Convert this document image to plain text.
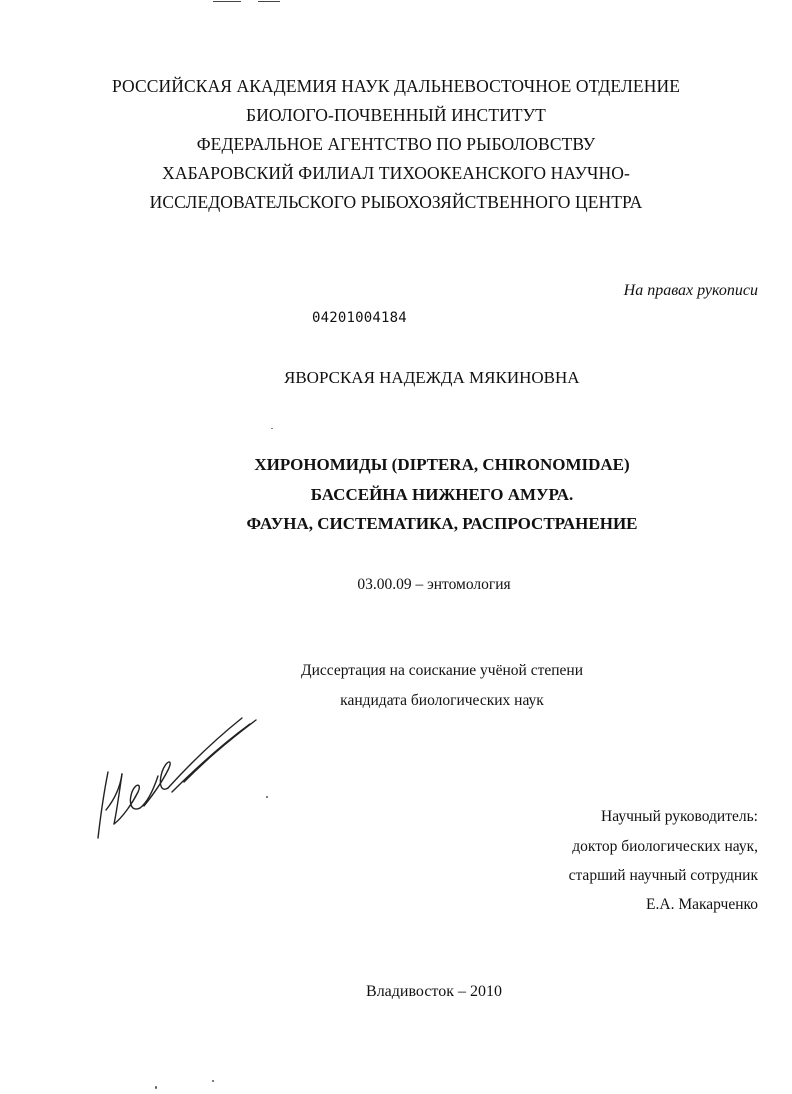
РОССИЙСКАЯ АКАДЕМИЯ НАУК ДАЛЬНЕВОСТОЧНОЕ ОТДЕЛЕНИЕ
БИОЛОГО-ПОЧВЕННЫЙ ИНСТИТУТ
ФЕДЕРАЛЬНОЕ АГЕНТСТВО ПО РЫБОЛОВСТВУ
ХАБАРОВСКИЙ ФИЛИАЛ ТИХООКЕАНСКОГО НАУЧНО-
ИССЛЕДОВАТЕЛЬСКОГО РЫБОХОЗЯЙСТВЕННОГО ЦЕНТРА
На правах рукописи
04201004184
ЯВОРСКАЯ НАДЕЖДА МЯКИНОВНА
ХИРОНОМИДЫ (DIPTERA, CHIRONOMIDAE)
БАССЕЙНА НИЖНЕГО АМУРА.
ФАУНА, СИСТЕМАТИКА, РАСПРОСТРАНЕНИЕ
03.00.09 – энтомология
Диссертация на соискание учёной степени
кандидата биологических наук
Научный руководитель:
доктор биологических наук,
старший научный сотрудник
Е.А. Макарченко
Владивосток – 2010
